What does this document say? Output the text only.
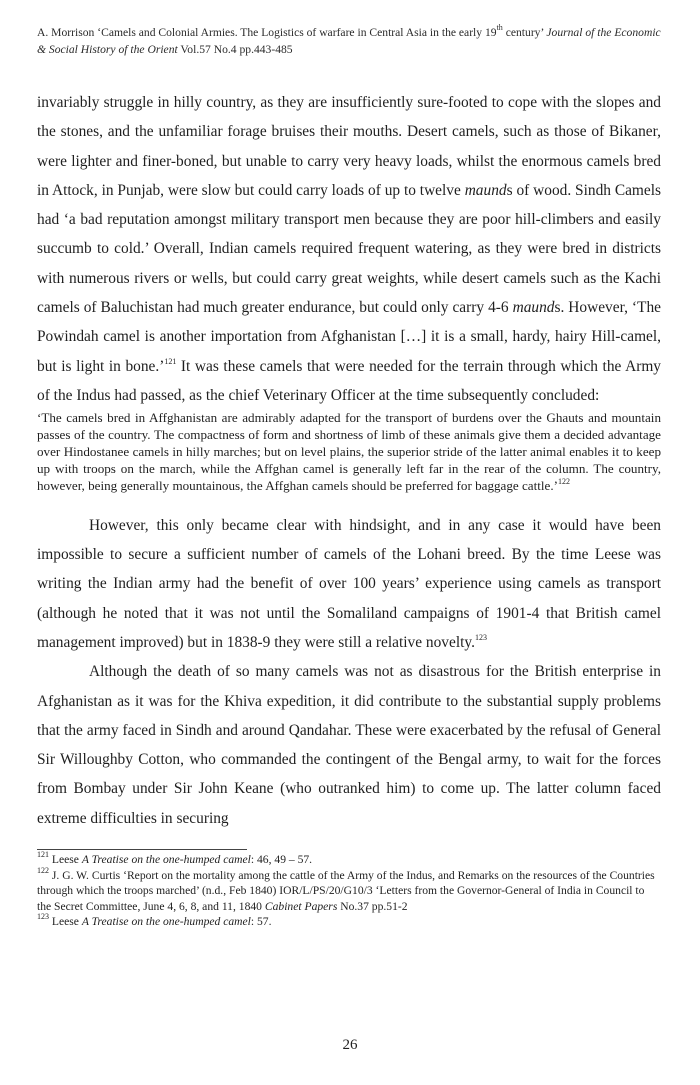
A. Morrison ‘Camels and Colonial Armies. The Logistics of warfare in Central Asia in the early 19th century’ Journal of the Economic & Social History of the Orient Vol.57 No.4 pp.443-485

invariably struggle in hilly country, as they are insufficiently sure-footed to cope with the slopes and the stones, and the unfamiliar forage bruises their mouths. Desert camels, such as those of Bikaner, were lighter and finer-boned, but unable to carry very heavy loads, whilst the enormous camels bred in Attock, in Punjab, were slow but could carry loads of up to twelve maunds of wood. Sindh Camels had ‘a bad reputation amongst military transport men because they are poor hill-climbers and easily succumb to cold.’ Overall, Indian camels required frequent watering, as they were bred in districts with numerous rivers or wells, but could carry great weights, while desert camels such as the Kachi camels of Baluchistan had much greater endurance, but could only carry 4-6 maunds. However, ‘The Powindah camel is another importation from Afghanistan […] it is a small, hardy, hairy Hill-camel, but is light in bone.’$^{121}$ It was these camels that were needed for the terrain through which the Army of the Indus had passed, as the chief Veterinary Officer at the time subsequently concluded:

‘The camels bred in Affghanistan are admirably adapted for the transport of burdens over the Ghauts and mountain passes of the country. The compactness of form and shortness of limb of these animals give them a decided advantage over Hindostanee camels in hilly marches; but on level plains, the superior stride of the latter animal enables it to keep up with troops on the march, while the Affghan camel is generally left far in the rear of the column. The country, however, being generally mountainous, the Affghan camels should be preferred for baggage cattle.’$^{122}$

However, this only became clear with hindsight, and in any case it would have been impossible to secure a sufficient number of camels of the Lohani breed. By the time Leese was writing the Indian army had the benefit of over 100 years’ experience using camels as transport (although he noted that it was not until the Somaliland campaigns of 1901-4 that British camel management improved) but in 1838-9 they were still a relative novelty.$^{123}$

Although the death of so many camels was not as disastrous for the British enterprise in Afghanistan as it was for the Khiva expedition, it did contribute to the substantial supply problems that the army faced in Sindh and around Qandahar. These were exacerbated by the refusal of General Sir Willoughby Cotton, who commanded the contingent of the Bengal army, to wait for the forces from Bombay under Sir John Keane (who outranked him) to come up. The latter column faced extreme difficulties in securing

$^{121}$ Leese A Treatise on the one-humped camel: 46, 49 – 57.

$^{122}$ J. G. W. Curtis ‘Report on the mortality among the cattle of the Army of the Indus, and Remarks on the resources of the Countries through which the troops marched’ (n.d., Feb 1840) IOR/L/PS/20/G10/3 ‘Letters from the Governor-General of India in Council to the Secret Committee, June 4, 6, 8, and 11, 1840 Cabinet Papers No.37 pp.51-2

$^{123}$ Leese A Treatise on the one-humped camel: 57.

26
